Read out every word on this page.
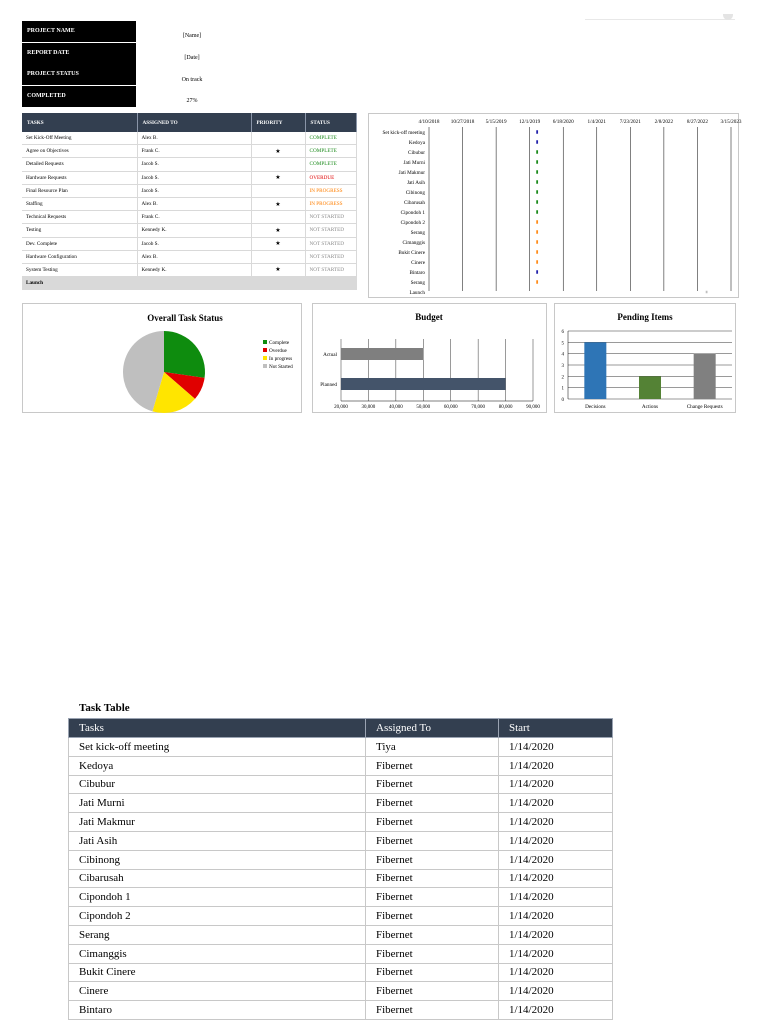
PROJECT NAME
[Name]
REPORT DATE
[Date]
PROJECT STATUS
On track
COMPLETED
27%
TASKS	ASSIGNED TO	PRIORITY	STATUS
Set Kick-Off Meeting	Alex B.		COMPLETE
Agree on Objectives	Frank C.	★	COMPLETE
Detailed Requests	Jacob S.		COMPLETE
Hardware Requests	Jacob S.	★	OVERDUE
Final Resource Plan	Jacob S.		IN PROGRESS
Staffing	Alex B.	★	IN PROGRESS
Technical Requests	Frank C.		NOT STARTED
Testing	Kennedy K.	★	NOT STARTED
Dev. Complete	Jacob S.	★	NOT STARTED
Hardware Configuration	Alex B.		NOT STARTED
System Testing	Kennedy K.	★	NOT STARTED
Launch			
4/10/2018 10/27/2018 5/15/2019 12/1/2019 6/18/2020	1/4/2021	7/23/2021	2/8/2022	8/27/2022 3/15/2023
Set kick-off meeting
Kedoya
Cibubur
Jati Murni
Jati Makmur
Jati Asih
Cibinong
Cibarusah
Cipondoh 1
Cipondoh 2
Serang
Cimanggis
Bukit Cinere
Cinere
Bintaro
Serang
Launch
Overall Task Status
Complete
Overdue
In progress
Not Started
Budget
20,000	30,000	40,000	50,000	60,000	70,000	80,000	90,000
Actual
Planned
Pending Items
0
1
2
3
4
5
6
Decisions	Actions	Change Requests
Task Table
Tasks	Assigned To	Start
Set kick-off meeting	Tiya	1/14/2020
Kedoya	Fibernet	1/14/2020
Cibubur	Fibernet	1/14/2020
Jati Murni	Fibernet	1/14/2020
Jati Makmur	Fibernet	1/14/2020
Jati Asih	Fibernet	1/14/2020
Cibinong	Fibernet	1/14/2020
Cibarusah	Fibernet	1/14/2020
Cipondoh 1	Fibernet	1/14/2020
Cipondoh 2	Fibernet	1/14/2020
Serang	Fibernet	1/14/2020
Cimanggis	Fibernet	1/14/2020
Bukit Cinere	Fibernet	1/14/2020
Cinere	Fibernet	1/14/2020
Bintaro	Fibernet	1/14/2020
